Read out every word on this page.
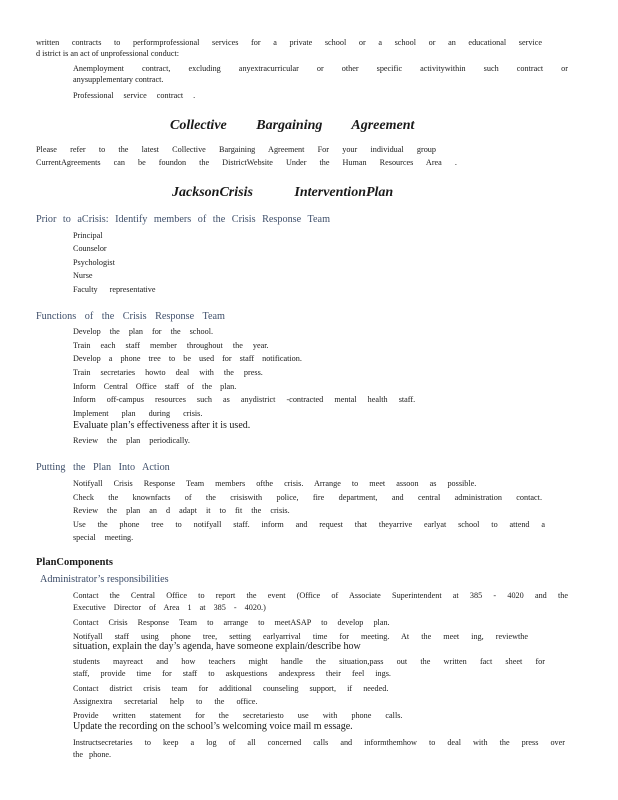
written contracts to performprofessional services for a private school or a school or an educational service
d istrict is an act of unprofessional conduct:
Anemployment contract, excluding anyextracurricular or other specific activitywithin such contract or
anysupplementary contract.
Professional service contract .
Collective Bargaining Agreement
Please refer to the latest Collective Bargaining Agreement For your individual group
CurrentAgreements can be foundon the DistrictWebsite Under the Human Resources Area .
JacksonCrisis InterventionPlan
Prior to aCrisis: Identify members of the Crisis Response Team
Principal
Counselor
Psychologist
Nurse
Faculty representative
Functions of the Crisis Response Team
Develop the plan for the school.
Train each staff member throughout the year.
Develop a phone tree to be used for staff notification.
Train secretaries howto deal with the press.
Inform Central Office staff of the plan.
Inform off-campus resources such as anydistrict -contracted mental health staff.
Implement plan during crisis.
Evaluate plan’s effectiveness after it is used.
Review the plan periodically.
Putting the Plan Into Action
Notifyall Crisis Response Team members ofthe crisis. Arrange to meet assoon as possible.
Check the knownfacts of the crisiswith police, fire department, and central administration contact.
Review the plan an d adapt it to fit the crisis.
Use the phone tree to notifyall staff. inform and request that theyarrive earlyat school to attend a
special meeting.
PlanComponents
Administrator’s responsibilities
Contact the Central Office to report the event (Office of Associate Superintendent at 385 - 4020 and the
Executive Director of Area 1 at 385 - 4020.)
Contact Crisis Response Team to arrange to meetASAP to develop plan.
Notifyall staff using phone tree, setting earlyarrival time for meeting. At the meet ing, reviewthe
situation, explain the day’s agenda, have someone explain/describe how
students mayreact and how teachers might handle the situation,pass out the written fact sheet for
staff, provide time for staff to askquestions andexpress their feel ings.
Contact district crisis team for additional counseling support, if needed.
Assignextra secretarial help to the office.
Provide written statement for the secretariesto use with phone calls.
Update the recording on the school’s welcoming voice mail m essage.
Instructsecretaries to keep a log of all concerned calls and informthemhow to deal with the press over
the phone.
